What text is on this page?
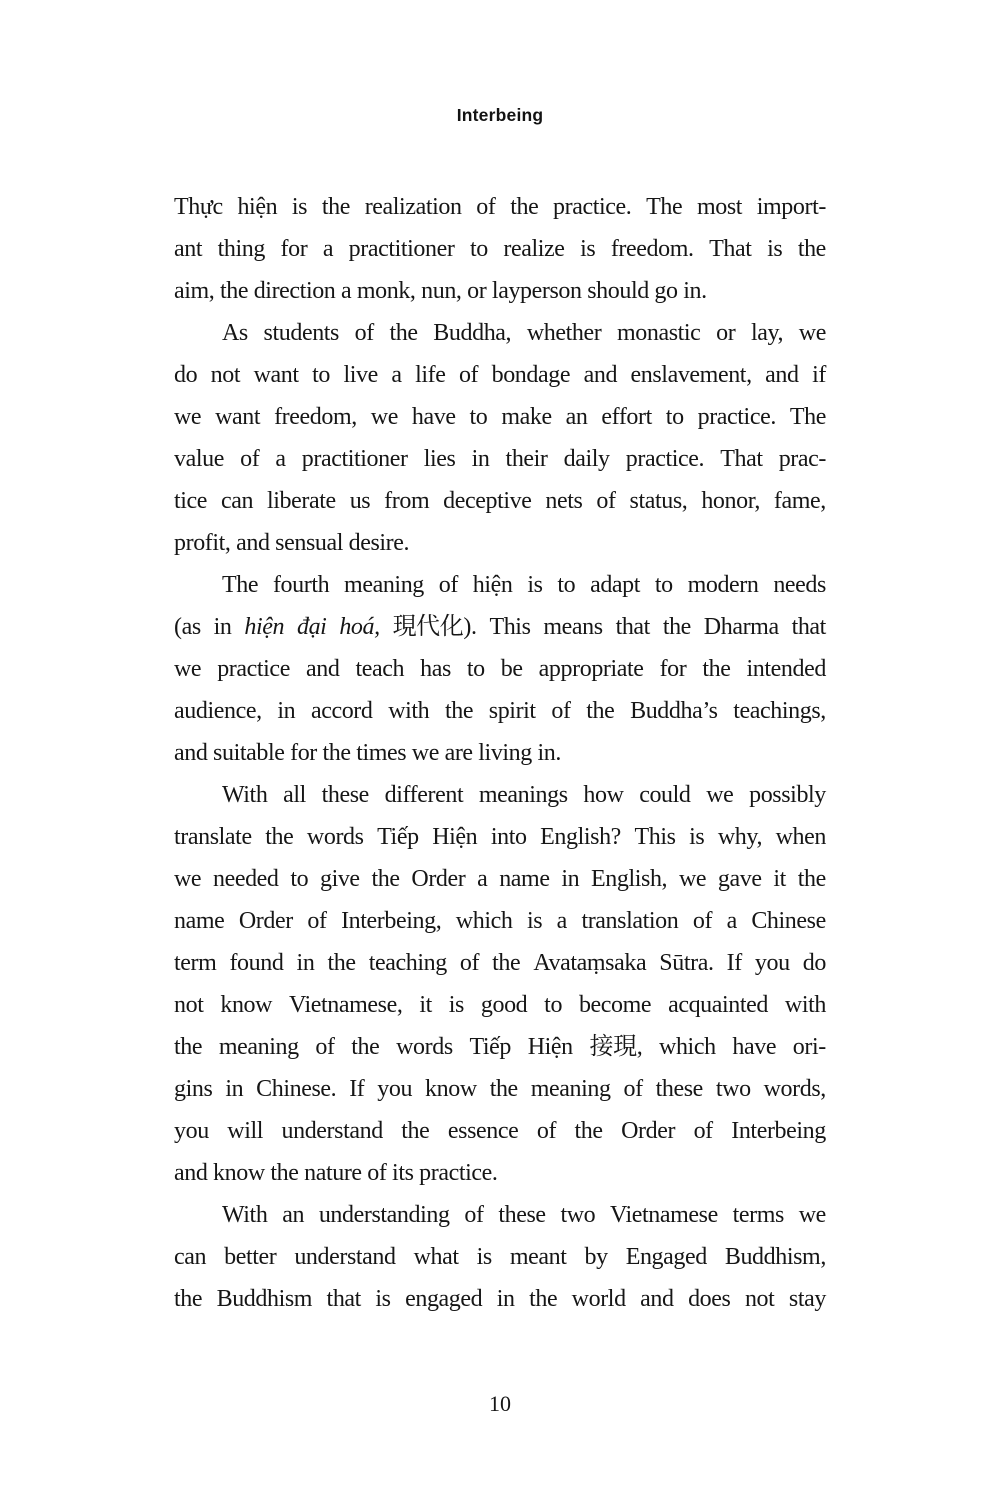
Interbeing
Thực hiện is the realization of the practice. The most import-
ant thing for a practitioner to realize is freedom. That is the
aim, the direction a monk, nun, or layperson should go in.
As students of the Buddha, whether monastic or lay, we
do not want to live a life of bondage and enslavement, and if
we want freedom, we have to make an effort to practice. The
value of a practitioner lies in their daily practice. That prac-
tice can liberate us from deceptive nets of status, honor, fame,
profit, and sensual desire.
The fourth meaning of hiện is to adapt to modern needs
(as in hiện đại hoá, 現代化). This means that the Dharma that
we practice and teach has to be appropriate for the intended
audience, in accord with the spirit of the Buddha’s teachings,
and suitable for the times we are living in.
With all these different meanings how could we possibly
translate the words Tiếp Hiện into English? This is why, when
we needed to give the Order a name in English, we gave it the
name Order of Interbeing, which is a translation of a Chinese
term found in the teaching of the Avataṃsaka Sūtra. If you do
not know Vietnamese, it is good to become acquainted with
the meaning of the words Tiếp Hiện 接現, which have ori-
gins in Chinese. If you know the meaning of these two words,
you will understand the essence of the Order of Interbeing
and know the nature of its practice.
With an understanding of these two Vietnamese terms we
can better understand what is meant by Engaged Buddhism,
the Buddhism that is engaged in the world and does not stay
10
